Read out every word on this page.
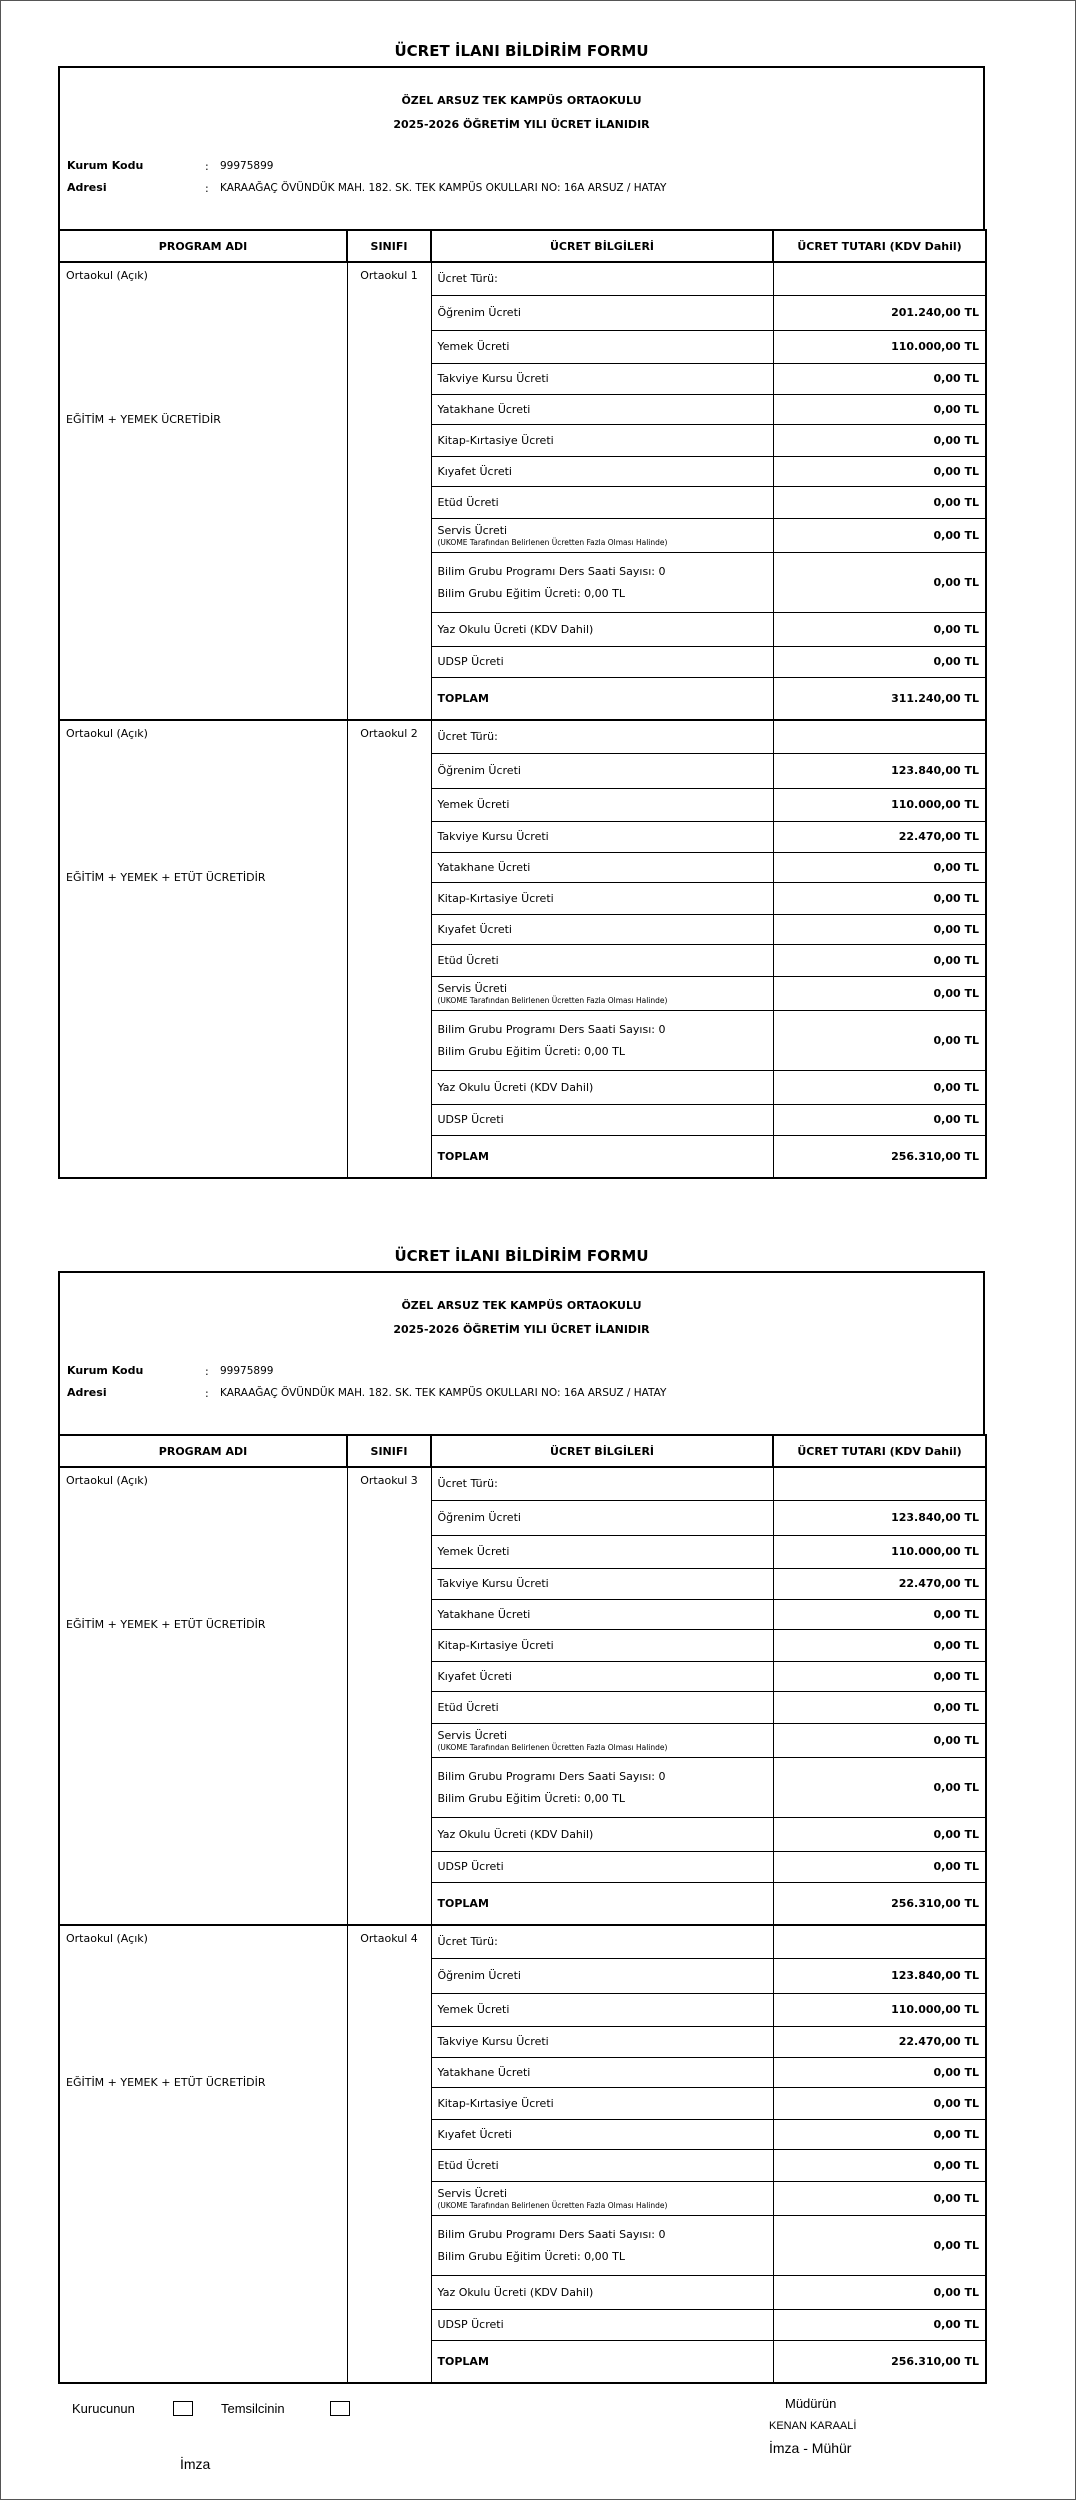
ÜCRET İLANI BİLDİRİM FORMU
ÖZEL ARSUZ TEK KAMPÜS ORTAOKULU
2025-2026 ÖĞRETİM YILI ÜCRET İLANIDIR
Kurum Kodu	: 99975899
Adresi	: KARAAĞAÇ ÖVÜNDÜK MAH. 182. SK. TEK KAMPÜS OKULLARI NO: 16A ARSUZ / HATAY
PROGRAM ADI	SINIFI	ÜCRET BİLGİLERİ	ÜCRET TUTARI (KDV Dahil)

Ortaokul (Açık)
EĞİTİM + YEMEK ÜCRETİDİR	Ortaokul 1	Ücret Türü:	
		Öğrenim Ücreti	201.240,00 TL
		Yemek Ücreti	110.000,00 TL
		Takviye Kursu Ücreti	0,00 TL
		Yatakhane Ücreti	0,00 TL
		Kitap-Kırtasiye Ücreti	0,00 TL
		Kıyafet Ücreti	0,00 TL
		Etüd Ücreti	0,00 TL
		Servis Ücreti
(UKOME Tarafından Belirlenen Ücretten Fazla Olması Halinde)	0,00 TL
		Bilim Grubu Programı Ders Saati Sayısı: 0
Bilim Grubu Eğitim Ücreti: 0,00 TL	0,00 TL
		Yaz Okulu Ücreti (KDV Dahil)	0,00 TL
		UDSP Ücreti	0,00 TL
		TOPLAM	311.240,00 TL

Ortaokul (Açık)
EĞİTİM + YEMEK + ETÜT ÜCRETİDİR	Ortaokul 2	Ücret Türü:	
		Öğrenim Ücreti	123.840,00 TL
		Yemek Ücreti	110.000,00 TL
		Takviye Kursu Ücreti	22.470,00 TL
		Yatakhane Ücreti	0,00 TL
		Kitap-Kırtasiye Ücreti	0,00 TL
		Kıyafet Ücreti	0,00 TL
		Etüd Ücreti	0,00 TL
		Servis Ücreti
(UKOME Tarafından Belirlenen Ücretten Fazla Olması Halinde)	0,00 TL
		Bilim Grubu Programı Ders Saati Sayısı: 0
Bilim Grubu Eğitim Ücreti: 0,00 TL	0,00 TL
		Yaz Okulu Ücreti (KDV Dahil)	0,00 TL
		UDSP Ücreti	0,00 TL
		TOPLAM	256.310,00 TL
ÜCRET İLANI BİLDİRİM FORMU
ÖZEL ARSUZ TEK KAMPÜS ORTAOKULU
2025-2026 ÖĞRETİM YILI ÜCRET İLANIDIR
Kurum Kodu	: 99975899
Adresi	: KARAAĞAÇ ÖVÜNDÜK MAH. 182. SK. TEK KAMPÜS OKULLARI NO: 16A ARSUZ / HATAY
PROGRAM ADI	SINIFI	ÜCRET BİLGİLERİ	ÜCRET TUTARI (KDV Dahil)

Ortaokul (Açık)
EĞİTİM + YEMEK + ETÜT ÜCRETİDİR	Ortaokul 3	Ücret Türü:	
		Öğrenim Ücreti	123.840,00 TL
		Yemek Ücreti	110.000,00 TL
		Takviye Kursu Ücreti	22.470,00 TL
		Yatakhane Ücreti	0,00 TL
		Kitap-Kırtasiye Ücreti	0,00 TL
		Kıyafet Ücreti	0,00 TL
		Etüd Ücreti	0,00 TL
		Servis Ücreti
(UKOME Tarafından Belirlenen Ücretten Fazla Olması Halinde)	0,00 TL
		Bilim Grubu Programı Ders Saati Sayısı: 0
Bilim Grubu Eğitim Ücreti: 0,00 TL	0,00 TL
		Yaz Okulu Ücreti (KDV Dahil)	0,00 TL
		UDSP Ücreti	0,00 TL
		TOPLAM	256.310,00 TL

Ortaokul (Açık)
EĞİTİM + YEMEK + ETÜT ÜCRETİDİR	Ortaokul 4	Ücret Türü:	
		Öğrenim Ücreti	123.840,00 TL
		Yemek Ücreti	110.000,00 TL
		Takviye Kursu Ücreti	22.470,00 TL
		Yatakhane Ücreti	0,00 TL
		Kitap-Kırtasiye Ücreti	0,00 TL
		Kıyafet Ücreti	0,00 TL
		Etüd Ücreti	0,00 TL
		Servis Ücreti
(UKOME Tarafından Belirlenen Ücretten Fazla Olması Halinde)	0,00 TL
		Bilim Grubu Programı Ders Saati Sayısı: 0
Bilim Grubu Eğitim Ücreti: 0,00 TL	0,00 TL
		Yaz Okulu Ücreti (KDV Dahil)	0,00 TL
		UDSP Ücreti	0,00 TL
		TOPLAM	256.310,00 TL
Kurucunun	Temsilcinin
İmza
Müdürün
KENAN KARAALİ
İmza - Mühür
